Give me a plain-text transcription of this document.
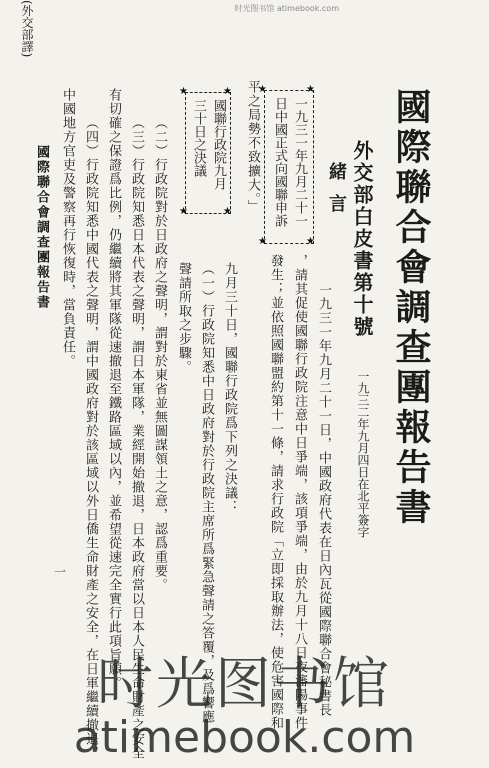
时光图书馆 atimebook.com
國際聯合會調查團報告書
(外交部譯)
外交部白皮書第十號
一九三二年九月四日在北平簽字
緒言
一九三一年九月二十一日，中國政府代表在日內瓦從國際聯合會秘書長
，請其促使國聯行政院注意中日爭端，該項爭端，由於九月十八日夜瀋陽事件
發生；並依照國聯盟約第十一條，請求行政院「立即採取辦法，使危害國際和
平之局勢不致擴大。」
九月三十日，國聯行政院爲下列之決議：
（一）行政院知悉中日政府對於行政院主席所爲緊急聲請之答覆，及爲響應
聲請所取之步驟。
（二）行政院對於日政府之聲明，謂對於東省並無圖謀領土之意，認爲重要。
（三）行政院知悉日本代表之聲明，謂日本軍隊，業經開始撤退，日本政府當以日本人民生命財產之安全
有切確之保證爲比例，仍繼續將其軍隊從速撤退至鐵路區域以內，並希望從速完全實行此項旨願。
（四）行政院知悉中國代表之聲明，謂中國政府對於該區域以外日僑生命財產之安全，在日軍繼續撤退，
中國地方官吏及警察再行恢復時，當負責任。	一九三一年九月二十一
日中國正式向國聯申訴
★	★
★	★
國聯行政院九月
三十日之決議
★	★
★	★
國際聯合會調查團報告書
一
时光图书馆
atimebook.com
